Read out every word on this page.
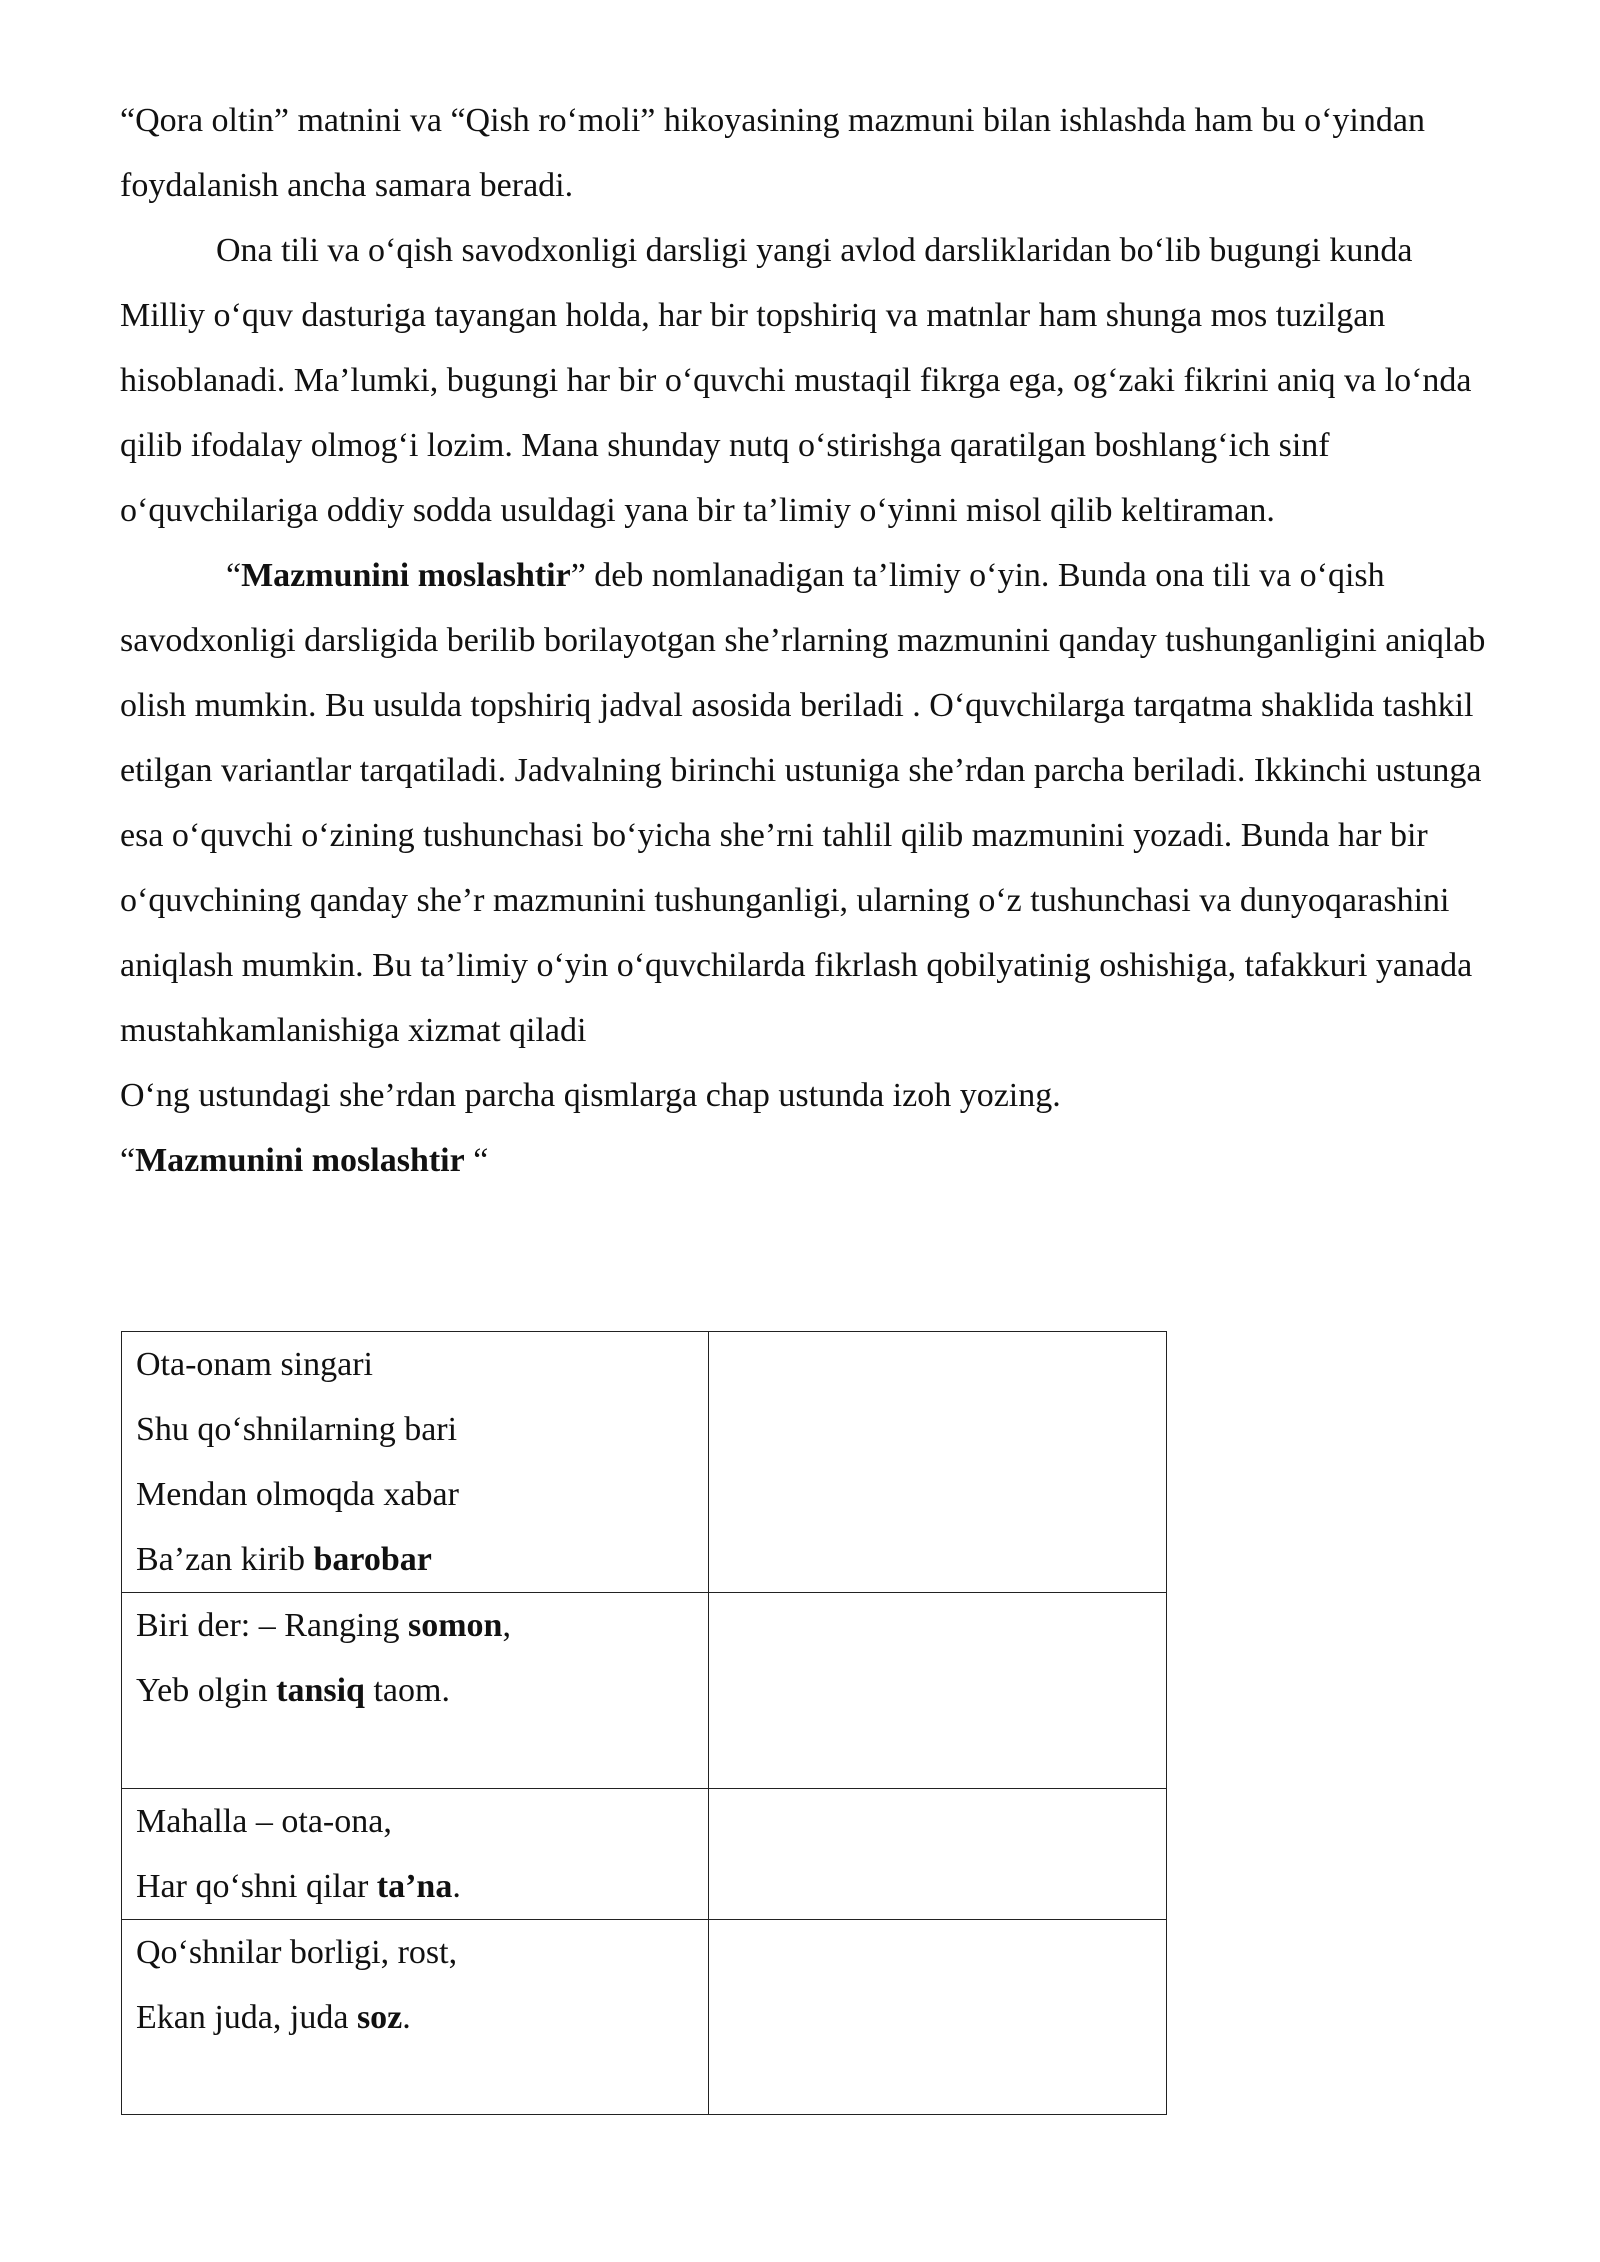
“Qora oltin” matnini va “Qish ro‘moli” hikoyasining mazmuni bilan ishlashda ham bu o‘yindan foydalanish ancha samara beradi.

Ona tili va o‘qish savodxonligi darsligi yangi avlod darsliklaridan bo‘lib bugungi kunda Milliy o‘quv dasturiga tayangan holda, har bir topshiriq va matnlar ham shunga mos tuzilgan hisoblanadi. Ma’lumki, bugungi har bir o‘quvchi mustaqil fikrga ega, og‘zaki fikrini aniq va lo‘nda qilib ifodalay olmog‘i lozim. Mana shunday nutq o‘stirishga qaratilgan boshlang‘ich sinf o‘quvchilariga oddiy sodda usuldagi yana bir ta’limiy o‘yinni misol qilib keltiraman.

“Mazmunini moslashtir” deb nomlanadigan ta’limiy o‘yin. Bunda ona tili va o‘qish savodxonligi darsligida berilib borilayotgan she’rlarning mazmunini qanday tushunganligini aniqlab olish mumkin. Bu usulda topshiriq jadval asosida beriladi . O‘quvchilarga tarqatma shaklida tashkil etilgan variantlar tarqatiladi. Jadvalning birinchi ustuniga she’rdan parcha beriladi. Ikkinchi ustunga esa o‘quvchi o‘zining tushunchasi bo‘yicha she’rni tahlil qilib mazmunini yozadi. Bunda har bir o‘quvchining qanday she’r mazmunini tushunganligi, ularning o‘z tushunchasi va dunyoqarashini aniqlash mumkin. Bu ta’limiy o‘yin o‘quvchilarda fikrlash qobilyatinig oshishiga, tafakkuri yanada mustahkamlanishiga xizmat qiladi

O‘ng ustundagi she’rdan parcha qismlarga chap ustunda izoh yozing.

“Mazmunini moslashtir “

Ota-onam singari
Shu qo‘shnilarning bari
Mendan olmoqda xabar
Ba’zan kirib barobar	

Biri der: – Ranging somon,
Yeb olgin tansiq taom.	

Mahalla – ota-ona,
Har qo‘shni qilar ta’na.	

Qo‘shnilar borligi, rost,
Ekan juda, juda soz.	
